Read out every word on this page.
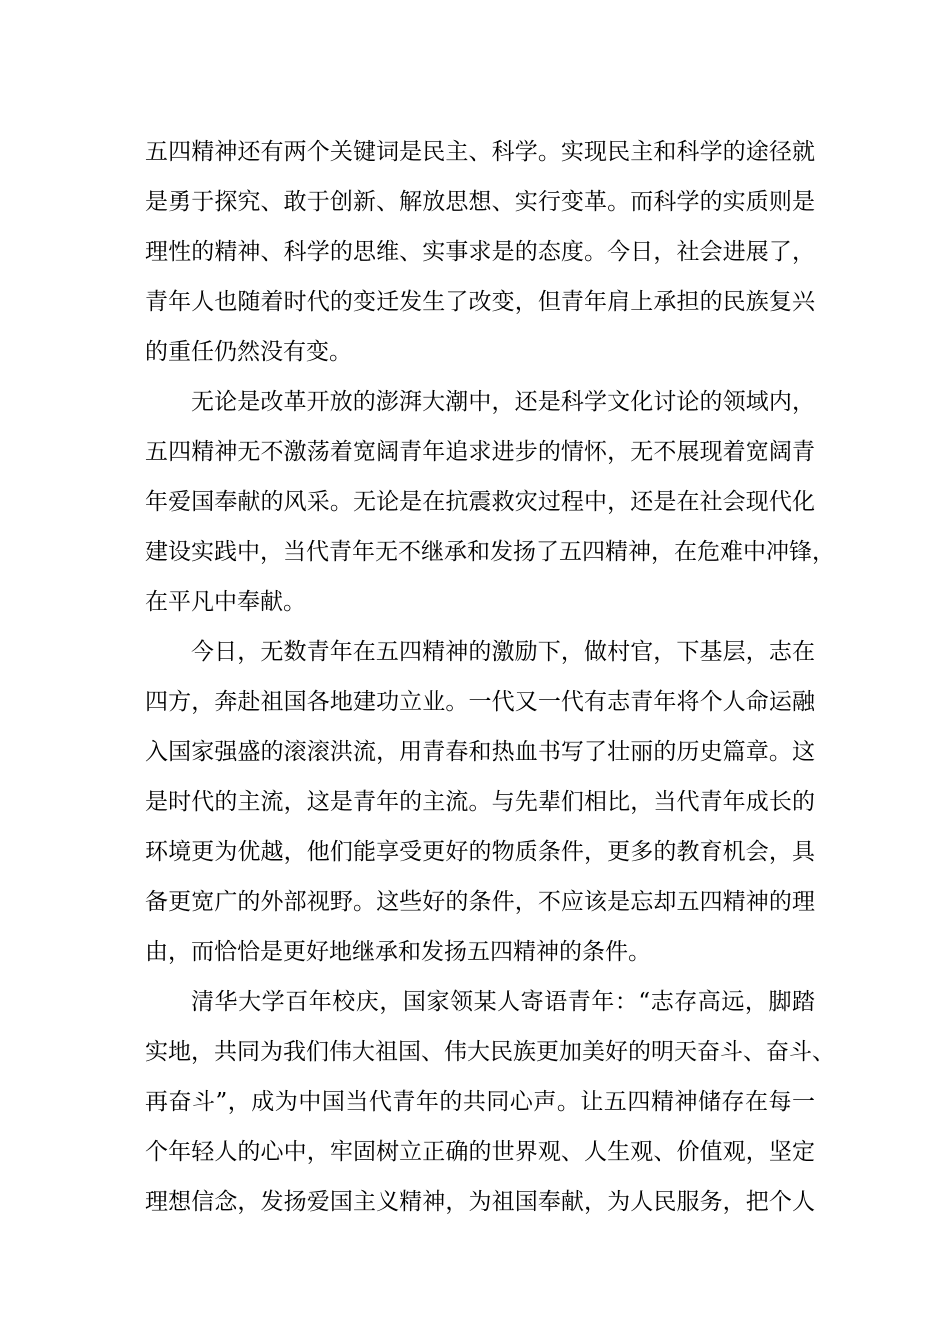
五四精神还有两个关键词是民主、科学。实现民主和科学的途径就
是勇于探究、敢于创新、解放思想、实行变革。而科学的实质则是
理性的精神、科学的思维、实事求是的态度。今日，社会进展了，
青年人也随着时代的变迁发生了改变，但青年肩上承担的民族复兴
的重任仍然没有变。
无论是改革开放的澎湃大潮中，还是科学文化讨论的领域内，
五四精神无不激荡着宽阔青年追求进步的情怀，无不展现着宽阔青
年爱国奉献的风采。无论是在抗震救灾过程中，还是在社会现代化
建设实践中，当代青年无不继承和发扬了五四精神，在危难中冲锋，
在平凡中奉献。
今日，无数青年在五四精神的激励下，做村官，下基层，志在
四方，奔赴祖国各地建功立业。一代又一代有志青年将个人命运融
入国家强盛的滚滚洪流，用青春和热血书写了壮丽的历史篇章。这
是时代的主流，这是青年的主流。与先辈们相比，当代青年成长的
环境更为优越，他们能享受更好的物质条件，更多的教育机会，具
备更宽广的外部视野。这些好的条件，不应该是忘却五四精神的理
由，而恰恰是更好地继承和发扬五四精神的条件。
清华大学百年校庆，国家领某人寄语青年：“志存高远，脚踏
实地，共同为我们伟大祖国、伟大民族更加美好的明天奋斗、奋斗、
再奋斗”，成为中国当代青年的共同心声。让五四精神储存在每一
个年轻人的心中，牢固树立正确的世界观、人生观、价值观，坚定
理想信念，发扬爱国主义精神，为祖国奉献，为人民服务，把个人
